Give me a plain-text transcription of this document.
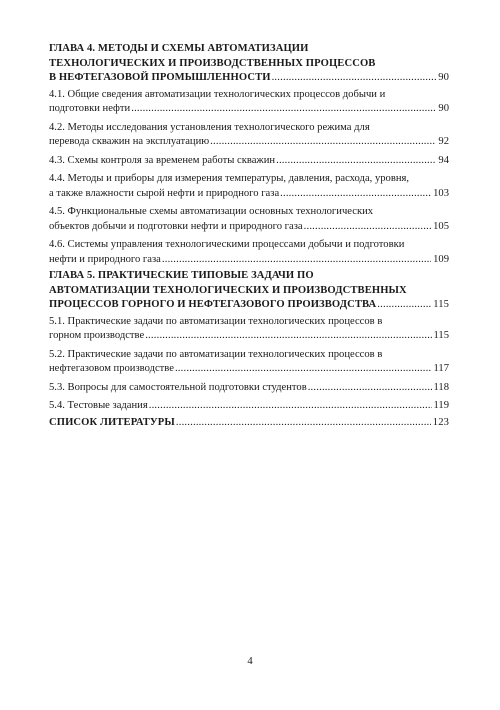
ГЛАВА 4. МЕТОДЫ И СХЕМЫ АВТОМАТИЗАЦИИ
ТЕХНОЛОГИЧЕСКИХ И ПРОИЗВОДСТВЕННЫХ ПРОЦЕССОВ
В НЕФТЕГАЗОВОЙ ПРОМЫШЛЕННОСТИ .....	90
4.1. Общие сведения автоматизации технологических процессов добычи и
подготовки нефти .....	90
4.2. Методы исследования установления технологического режима для
перевода скважин на эксплуатацию .....	92
4.3. Схемы контроля за временем работы скважин .....	94
4.4. Методы и приборы для измерения температуры, давления, расхода, уровня,
а также влажности сырой нефти и природного газа .....	103
4.5. Функциональные схемы автоматизации основных технологических
объектов добычи и подготовки нефти и природного газа .....	105
4.6. Системы управления технологическими процессами добычи и подготовки
нефти и природного газа .....	109
ГЛАВА 5. ПРАКТИЧЕСКИЕ ТИПОВЫЕ ЗАДАЧИ ПО
АВТОМАТИЗАЦИИ ТЕХНОЛОГИЧЕСКИХ И ПРОИЗВОДСТВЕННЫХ
ПРОЦЕССОВ ГОРНОГО И НЕФТЕГАЗОВОГО ПРОИЗВОДСТВА .....	115
5.1. Практические задачи по автоматизации технологических процессов в
горном производстве .....	115
5.2. Практические задачи по автоматизации технологических процессов в
нефтегазовом производстве .....	117
5.3. Вопросы для самостоятельной подготовки студентов .....	118
5.4. Тестовые задания .....	119
СПИСОК ЛИТЕРАТУРЫ .....	123
4
